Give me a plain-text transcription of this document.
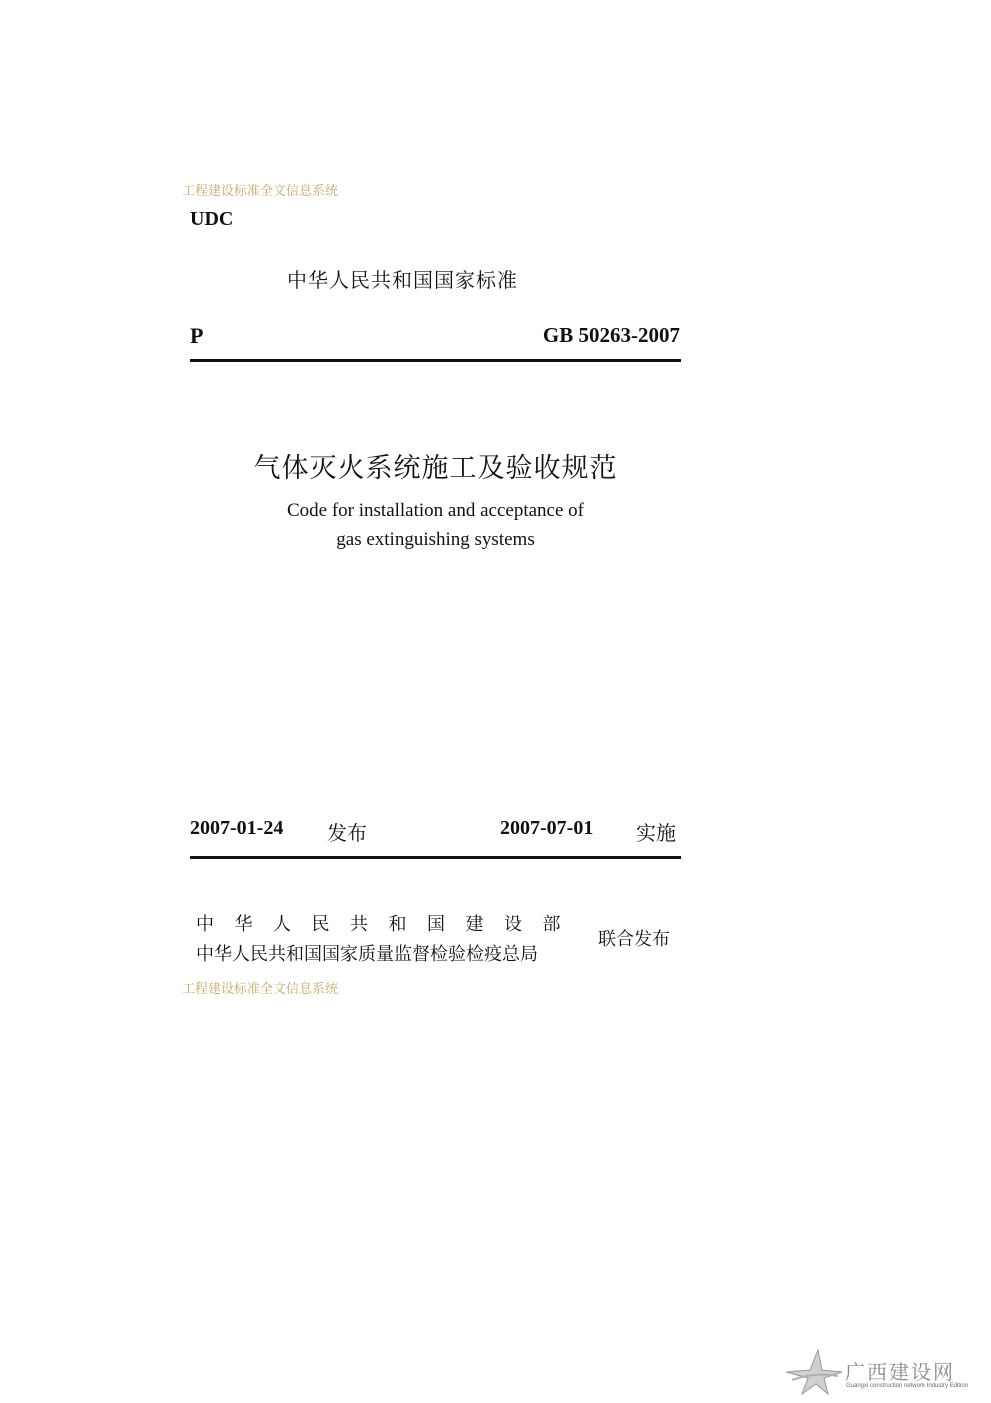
工程建设标准全文信息系统
UDC
中华人民共和国国家标准
P	GB 50263-2007
气体灭火系统施工及验收规范
Code for installation and acceptance of
gas extinguishing systems
2007-01-24 发布	2007-07-01 实施
中华人民共和国建设部
中华人民共和国国家质量监督检验检疫总局
联合发布
工程建设标准全文信息系统
广西建设网
Guangxi construction network Industry Edition
